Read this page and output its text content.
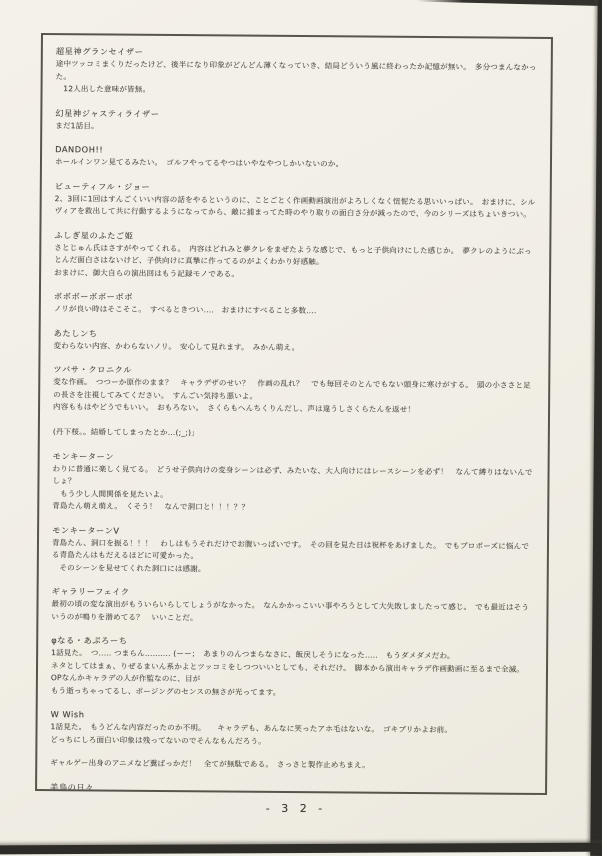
超星神グランセイザー
途中ツッコミまくりだったけど、後半になり印象がどんどん薄くなっていき、結局どういう風に終わったか記憶が無い。　多分つまんなかった。
　12人出した意味が皆無。
幻星神ジャスティライザー
まだ1話目。
DANDOH!!
ホールインワン見てるみたい。　ゴルフやってるやつはいやなやつしかいないのか。
ビューティフル・ジョー
2、3回に1回はすんごくいい内容の話をやるというのに、ことごとく作画動画演出がよろしくなく忸怩たる思いいっぱい。　おまけに、シルヴィアを救出して共に行動するようになってから、敵に捕まってた時のやり取りの面白さ分が減ったので、今のシリーズはちょいきつい。
ふしぎ星のふたご姫
さとじゅん氏はさすがやってくれる。　内容はどれみと夢クレをまぜたような感じで、もっと子供向けにした感じか。　夢クレのようにぶっとんだ面白さはないけど、子供向けに真摯に作ってるのがよくわかり好感触。
おまけに、御大自らの演出回はもう記録モノである。
ボボボーボボーボボ
ノリが良い時はそこそこ。　すべるときつい....　おまけにすべること多数....
あたしンち
変わらない内容、かわらないノリ。　安心して見れます。　みかん萌え。
ツバサ・クロニクル
変な作画。　つつーか原作のまま？　キャラデザのせい？　作画の乱れ？　でも毎回そのとんでもない頭身に寒けがする。　頭の小ささと足の長さを注視してみてください。　すんごい気持ち悪いよ。
内容ももはやどうでもいい。　おもろない。　さくらもへんちくりんだし、声は違うしさくらたんを返せ！
(丹下桜。。結婚してしまったとか...(;_;)」
モンキーターン
わりに普通に楽しく見てる。　どうせ子供向けの変身シーンは必ず、みたいな、大人向けにはレースシーンを必ず！　なんて縛りはないんでしょ？
　もう少し人間関係を見たいよ。
青島たん萌え萌え。　くそう！　なんで洞口と！！！？？
モンキーターンV
青島たん、洞口を振る！！！　わしはもうそれだけでお腹いっぱいです。　その回を見た日は祝杯をあげました。　でもプロポーズに悩んでる青島たんはもだえるほどに可愛かった。
　そのシーンを見せてくれた洞口には感謝。
ギャラリーフェイク
最初の頃の変な演出がもういらいらしてしょうがなかった。　なんかかっこいい事やろうとして大失敗しましたって感じ。　でも最近はそういうのが鳴りを潜めてる？　いいことだ。
φなる・あぷろーち
1話見た。　つ..... つまらん.......... (ーー；　あまりのんつまらなさに、飯戻しそうになった.....　もうダメダメだわ。
ネタとしてはまぁ、りぜるまいん系かよとツッコミをしつついいとしても、それだけ。　脚本から演出キャラデ作画動画に至るまで全滅。　OPなんかキャラデの人が作監なのに、目が
もう逝っちゃってるし、ポージングのセンスの無さが光ってます。
W Wish
1話見た。　もうどんな内容だったのか不明。　　キャラデも、あんなに笑ったアホ毛はないな。　ゴキブリかよお前。
どっちにしろ面白い印象は残ってないのでそんなもんだろう。
ギャルゲー出身のアニメなど糞ばっかだ！　全てが無駄である。　さっさと製作止めちまえ。
美鳥の日々
- 3 2 -
